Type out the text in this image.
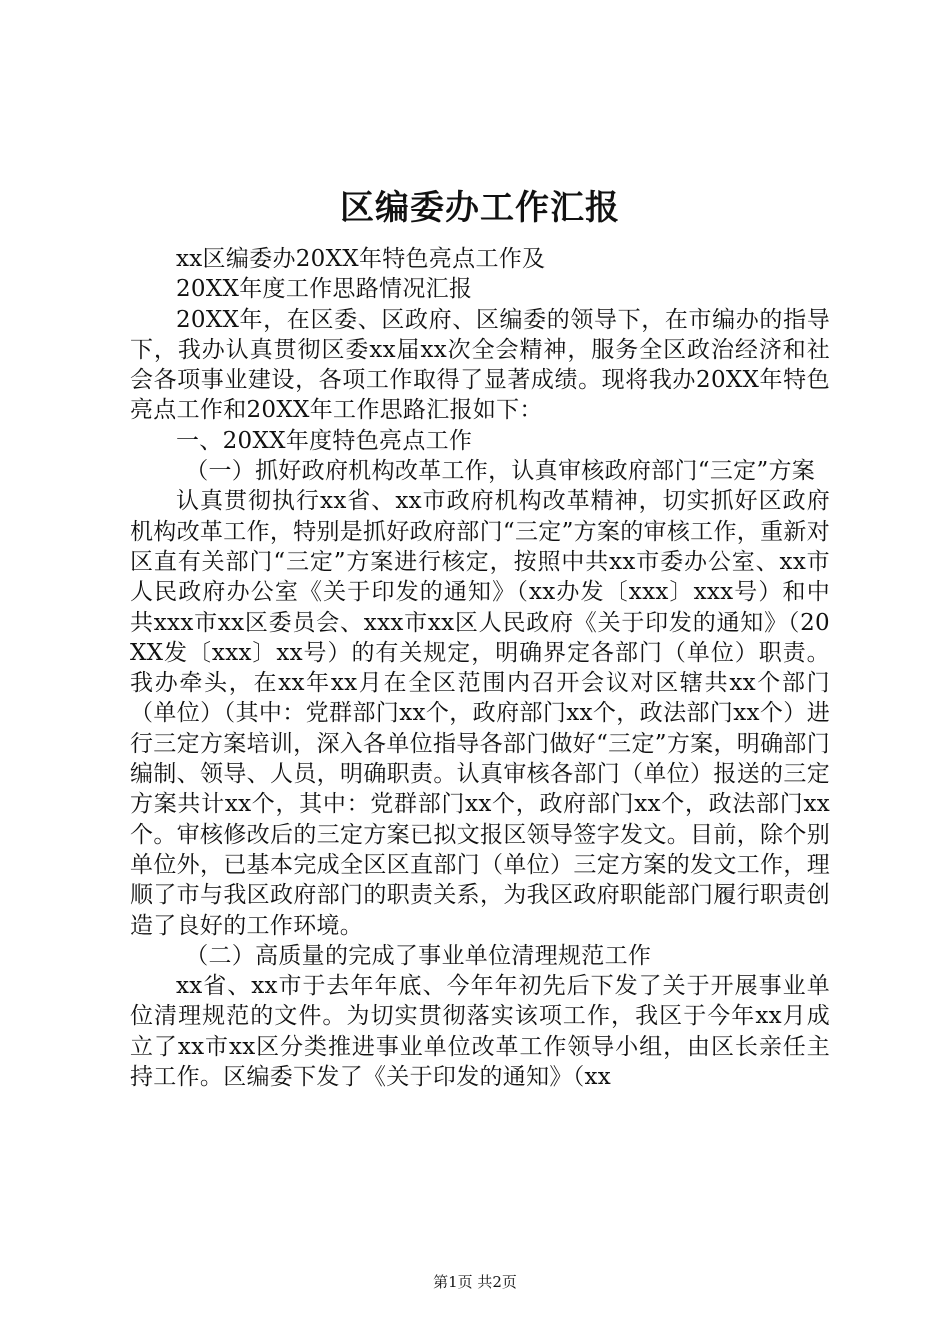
区编委办工作汇报

xx区编委办20XX年特色亮点工作及

20XX年度工作思路情况汇报

20XX年，在区委、区政府、区编委的领导下，在市编办的指导下，我办认真贯彻区委xx届xx次全会精神，服务全区政治经济和社会各项事业建设，各项工作取得了显著成绩。现将我办20XX年特色亮点工作和20XX年工作思路汇报如下：

一、20XX年度特色亮点工作

（一）抓好政府机构改革工作，认真审核政府部门“三定”方案

认真贯彻执行xx省、xx市政府机构改革精神，切实抓好区政府机构改革工作，特别是抓好政府部门“三定”方案的审核工作，重新对区直有关部门“三定”方案进行核定，按照中共xx市委办公室、xx市人民政府办公室《关于印发的通知》（xx办发〔xxx〕xxx号）和中共xxx市xx区委员会、xxx市xx区人民政府《关于印发的通知》（20XX发〔xxx〕xx号）的有关规定，明确界定各部门（单位）职责。我办牵头，在xx年xx月在全区范围内召开会议对区辖共xx个部门（单位）（其中：党群部门xx个，政府部门xx个，政法部门xx个）进行三定方案培训，深入各单位指导各部门做好“三定”方案，明确部门编制、领导、人员，明确职责。认真审核各部门（单位）报送的三定方案共计xx个，其中：党群部门xx个，政府部门xx个，政法部门xx个。审核修改后的三定方案已拟文报区领导签字发文。目前，除个别单位外，已基本完成全区区直部门（单位）三定方案的发文工作，理顺了市与我区政府部门的职责关系，为我区政府职能部门履行职责创造了良好的工作环境。

（二）高质量的完成了事业单位清理规范工作

xx省、xx市于去年年底、今年年初先后下发了关于开展事业单位清理规范的文件。为切实贯彻落实该项工作，我区于今年xx月成立了xx市xx区分类推进事业单位改革工作领导小组，由区长亲任主持工作。区编委下发了《关于印发的通知》（xx

第1页 共2页
